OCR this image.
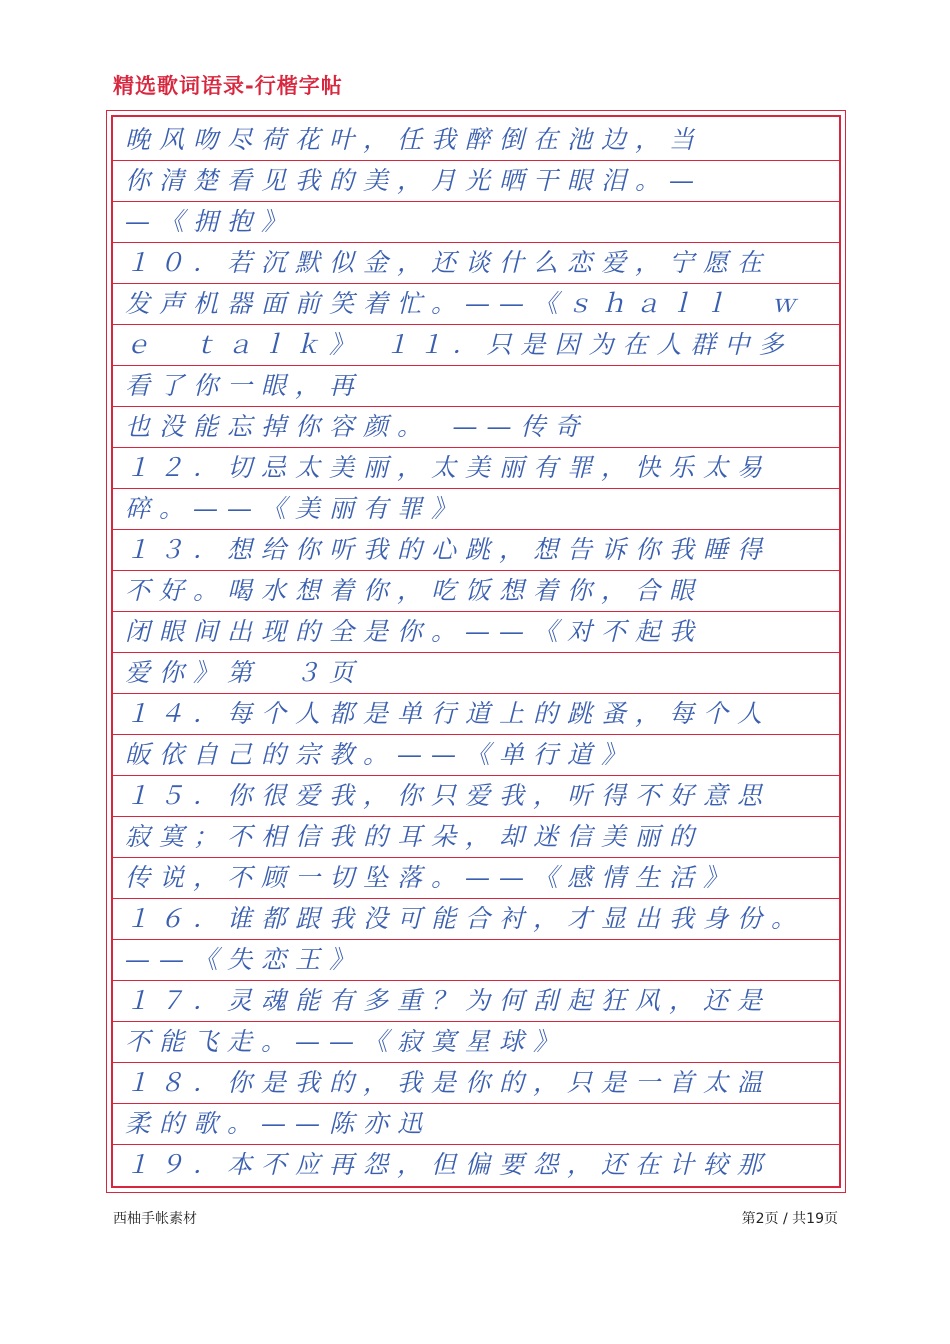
精选歌词语录-行楷字帖
晚风吻尽荷花叶，任我醉倒在池边，当
你清楚看见我的美，月光晒干眼泪。—
—《拥抱》
１０．若沉默似金，还谈什么恋爱，宁愿在
发声机器面前笑着忙。——《ｓｈａｌｌ　ｗ
ｅ　ｔａｌｋ》　１１．只是因为在人群中多
看了你一眼，再
也没能忘掉你容颜。　——传奇
１２．切忌太美丽，太美丽有罪，快乐太易
碎。——《美丽有罪》
１３．想给你听我的心跳，想告诉你我睡得
不好。喝水想着你，吃饭想着你，合眼
闭眼间出现的全是你。——《对不起我
爱你》第　３页
１４．每个人都是单行道上的跳蚤，每个人
皈依自己的宗教。——《单行道》
１５．你很爱我，你只爱我，听得不好意思
寂寞；不相信我的耳朵，却迷信美丽的
传说，不顾一切坠落。——《感情生活》
１６．谁都跟我没可能合衬，才显出我身份。
——《失恋王》
１７．灵魂能有多重？为何刮起狂风，还是
不能飞走。——《寂寞星球》
１８．你是我的，我是你的，只是一首太温
柔的歌。——陈亦迅
１９．本不应再怨，但偏要怨，还在计较那
西柚手帐素材	第2页 / 共19页
